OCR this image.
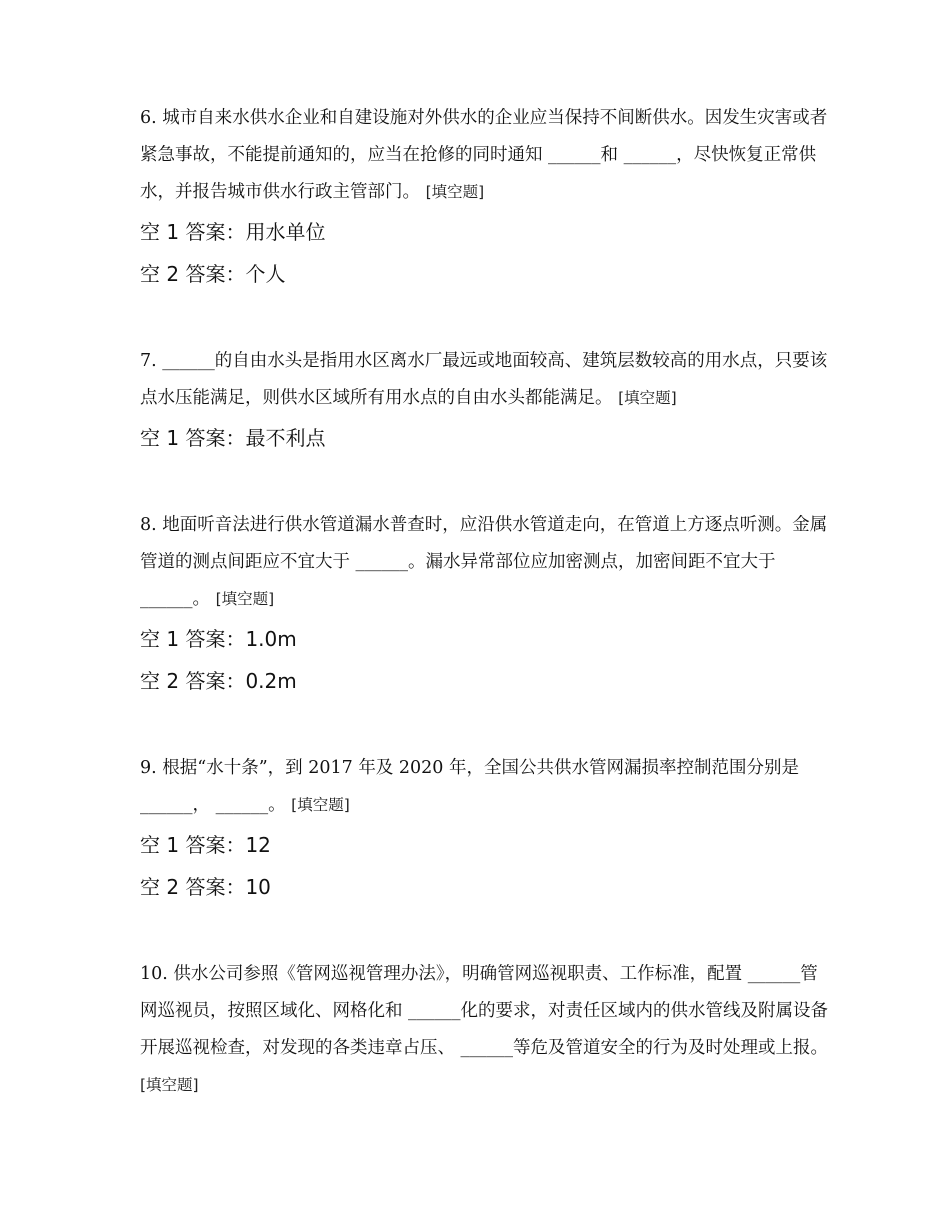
6. 城市自来水供水企业和自建设施对外供水的企业应当保持不间断供水。因发生灾害或者紧急事故，不能提前通知的，应当在抢修的同时通知 ______和 ______，尽快恢复正常供水，并报告城市供水行政主管部门。 [填空题]

空 1 答案：用水单位

空 2 答案：个人

7. ______的自由水头是指用水区离水厂最远或地面较高、建筑层数较高的用水点，只要该点水压能满足，则供水区域所有用水点的自由水头都能满足。 [填空题]

空 1 答案：最不利点

8. 地面听音法进行供水管道漏水普查时，应沿供水管道走向，在管道上方逐点听测。金属管道的测点间距应不宜大于 ______。漏水异常部位应加密测点，加密间距不宜大于 ______。 [填空题]

空 1 答案：1.0m

空 2 答案：0.2m

9. 根据“水十条”，到 2017 年及 2020 年，全国公共供水管网漏损率控制范围分别是 ______， ______。 [填空题]

空 1 答案：12

空 2 答案：10

10. 供水公司参照《管网巡视管理办法》，明确管网巡视职责、工作标准，配置 ______管网巡视员，按照区域化、网格化和 ______化的要求，对责任区域内的供水管线及附属设备开展巡视检查，对发现的各类违章占压、 ______等危及管道安全的行为及时处理或上报。 [填空题]
